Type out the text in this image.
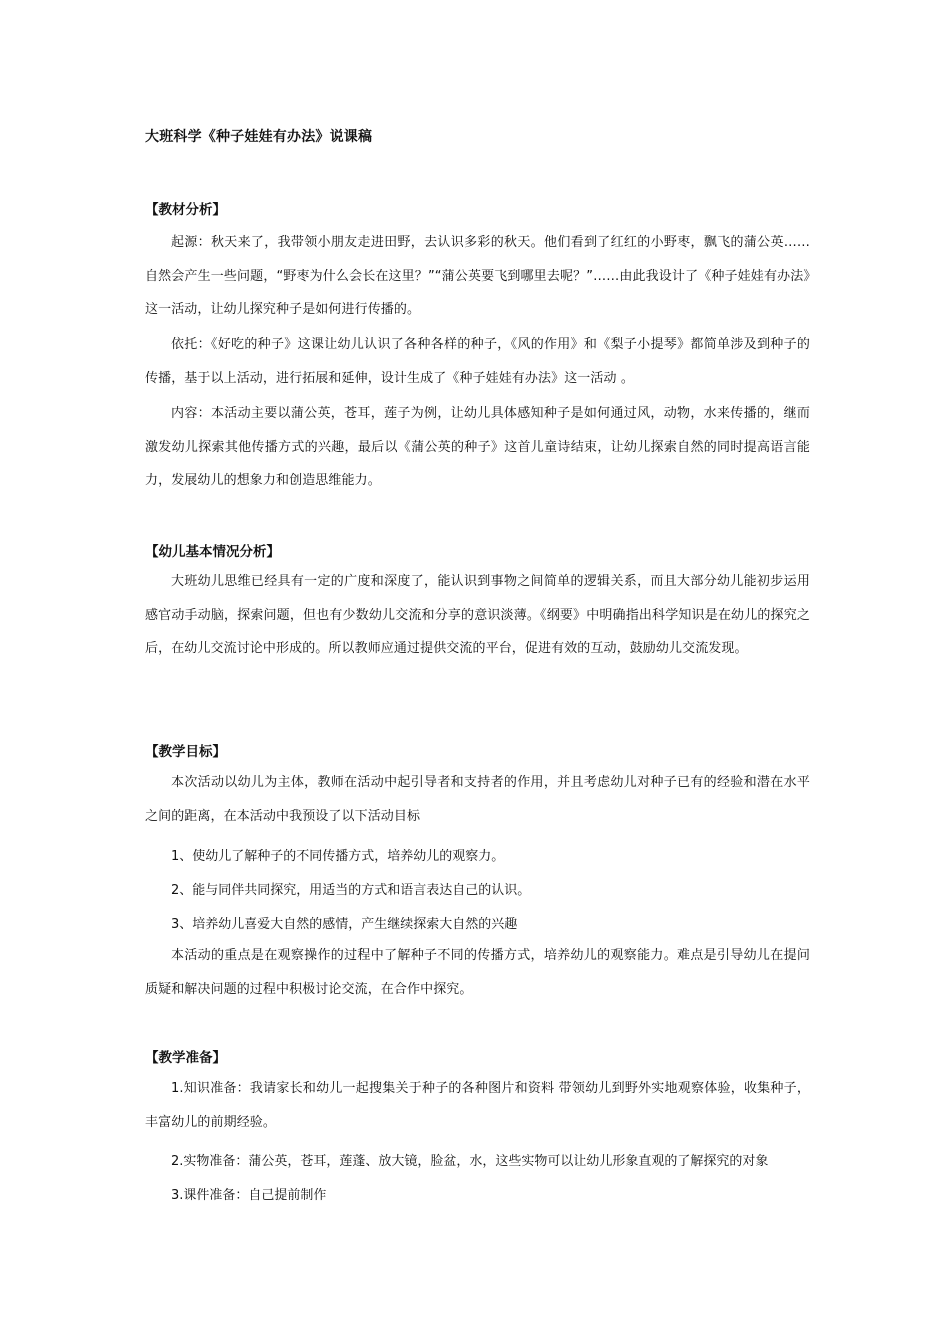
大班科学《种子娃娃有办法》说课稿
【教材分析】
起源：秋天来了，我带领小朋友走进田野，去认识多彩的秋天。他们看到了红红的小野枣，飘飞的蒲公英……自然会产生一些问题，“野枣为什么会长在这里？”“蒲公英要飞到哪里去呢？”……由此我设计了《种子娃娃有办法》这一活动，让幼儿探究种子是如何进行传播的。
依托：《好吃的种子》这课让幼儿认识了各种各样的种子，《风的作用》和《梨子小提琴》都简单涉及到种子的传播，基于以上活动，进行拓展和延伸，设计生成了《种子娃娃有办法》这一活动 。
内容：本活动主要以蒲公英，苍耳，莲子为例，让幼儿具体感知种子是如何通过风，动物，水来传播的，继而激发幼儿探索其他传播方式的兴趣，最后以《蒲公英的种子》这首儿童诗结束，让幼儿探索自然的同时提高语言能力，发展幼儿的想象力和创造思维能力。
【幼儿基本情况分析】
大班幼儿思维已经具有一定的广度和深度了，能认识到事物之间简单的逻辑关系，而且大部分幼儿能初步运用感官动手动脑，探索问题，但也有少数幼儿交流和分享的意识淡薄。《纲要》中明确指出科学知识是在幼儿的探究之后，在幼儿交流讨论中形成的。所以教师应通过提供交流的平台，促进有效的互动，鼓励幼儿交流发现。
【教学目标】
本次活动以幼儿为主体，教师在活动中起引导者和支持者的作用，并且考虑幼儿对种子已有的经验和潜在水平之间的距离，在本活动中我预设了以下活动目标
1、使幼儿了解种子的不同传播方式，培养幼儿的观察力。
2、能与同伴共同探究，用适当的方式和语言表达自己的认识。
3、培养幼儿喜爱大自然的感情，产生继续探索大自然的兴趣
本活动的重点是在观察操作的过程中了解种子不同的传播方式，培养幼儿的观察能力。难点是引导幼儿在提问质疑和解决问题的过程中积极讨论交流，在合作中探究。
【教学准备】
1.知识准备：我请家长和幼儿一起搜集关于种子的各种图片和资料 带领幼儿到野外实地观察体验，收集种子，丰富幼儿的前期经验。
2.实物准备：蒲公英，苍耳，莲蓬、放大镜，脸盆，水，这些实物可以让幼儿形象直观的了解探究的对象
3.课件准备：自己提前制作
